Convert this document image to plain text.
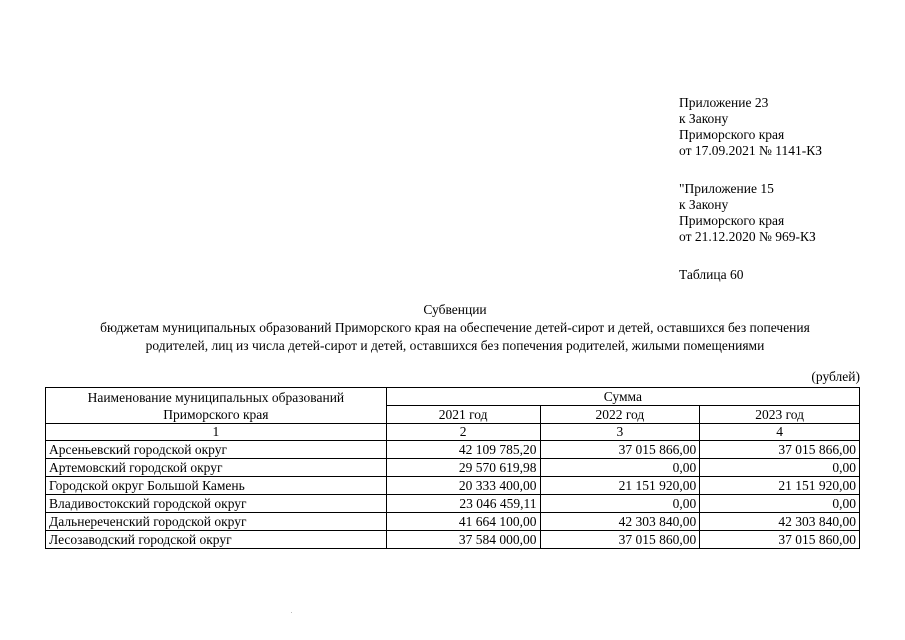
Приложение 23
к Закону
Приморского края
от 17.09.2021 № 1141-КЗ
"Приложение 15
к Закону
Приморского края
от 21.12.2020 № 969-КЗ
Таблица 60
Субвенции
бюджетам муниципальных образований Приморского края на обеспечение детей-сирот и детей, оставшихся без попечения
родителей, лиц из числа детей-сирот и детей, оставшихся без попечения родителей, жилыми помещениями
(рублей)
Наименование муниципальных образований
Приморского края	Сумма		
	2021 год	2022 год	2023 год
1	2	3	4
Арсеньевский городской округ	42 109 785,20	37 015 866,00	37 015 866,00
Артемовский городской округ	29 570 619,98	0,00	0,00
Городской округ Большой Камень	20 333 400,00	21 151 920,00	21 151 920,00
Владивостокский городской округ	23 046 459,11	0,00	0,00
Дальнереченский городской округ	41 664 100,00	42 303 840,00	42 303 840,00
Лесозаводский городской округ	37 584 000,00	37 015 860,00	37 015 860,00
